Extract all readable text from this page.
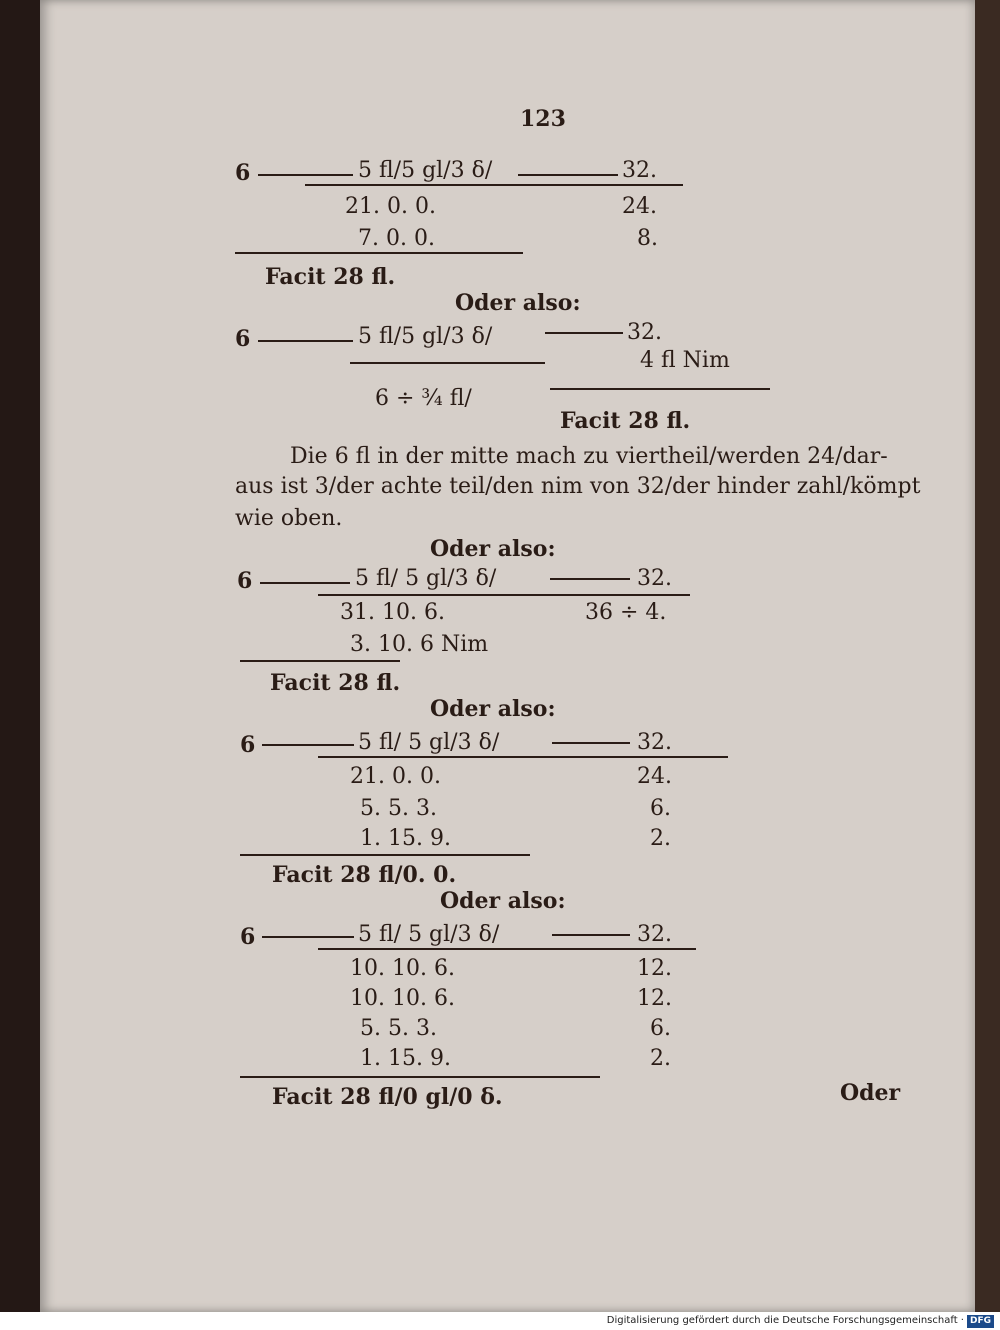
123
6	5 fl/5 gl/3 δ/	32.
21. 0. 0.	24.
7. 0. 0.	8.
Facit 28 fl.
Oder also:
6	5 fl/5 gl/3 δ/	32.
4 fl Nim
6 ÷ ¾ fl/
Facit 28 fl.
Die 6 fl in der mitte mach zu viertheil/werden 24/dar-
aus ist 3/der achte teil/den nim von 32/der hinder zahl/kömpt
wie oben.
Oder also:
6	5 fl/ 5 gl/3 δ/	32.
31. 10. 6.	36 ÷ 4.
3. 10. 6 Nim
Facit 28 fl.
Oder also:
6	5 fl/ 5 gl/3 δ/	32.
21. 0. 0.	24.
5. 5. 3.	6.
1. 15. 9.	2.
Facit 28 fl/0. 0.
Oder also:
6	5 fl/ 5 gl/3 δ/	32.
10. 10. 6.	12.
10. 10. 6.	12.
5. 5. 3.	6.
1. 15. 9.	2.
Facit 28 fl/0 gl/0 δ.	Oder
Digitalisierung gefördert durch die Deutsche Forschungsgemeinschaft · DFG
